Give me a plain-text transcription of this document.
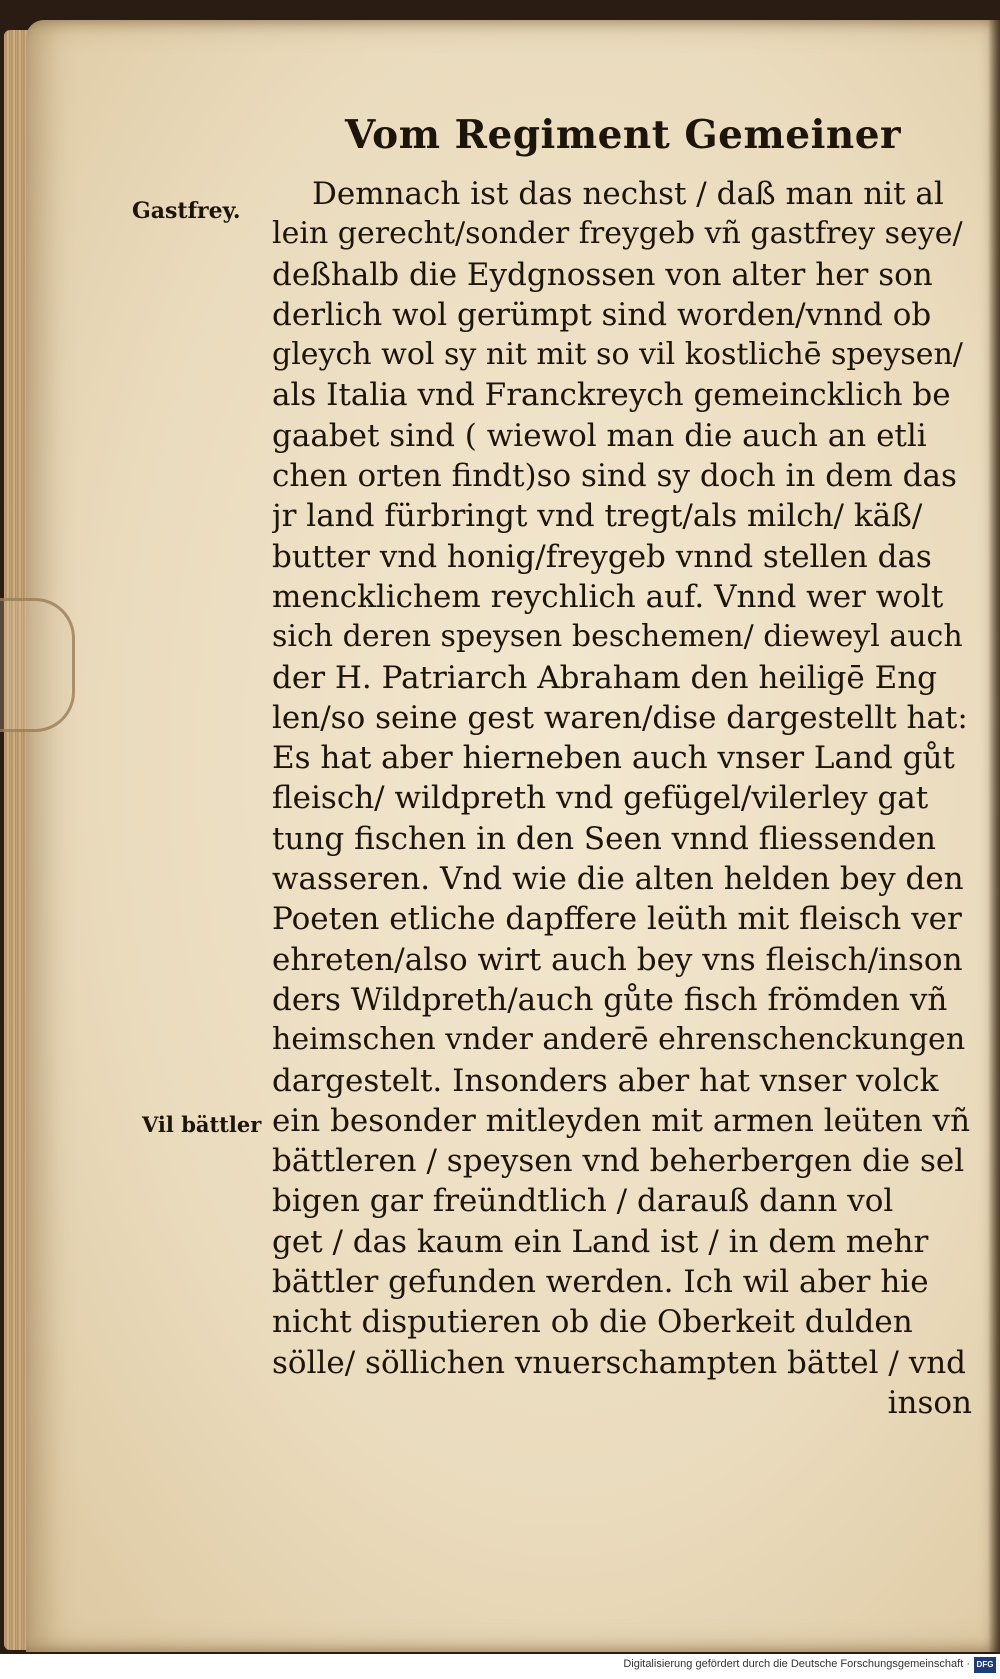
Vom Regiment Gemeiner
Gastfrey.
Vil bättler
Demnach ist das nechst / daß man nit al
lein gerecht/sonder freygeb vñ gastfrey seye/
deßhalb die Eydgnossen von alter her son
derlich wol gerümpt sind worden/vnnd ob
gleych wol sy nit mit so vil kostlichē speysen/
als Italia vnd Franckreych gemeincklich be
gaabet sind ( wiewol man die auch an etli
chen orten findt)so sind sy doch in dem das
jr land fürbringt vnd tregt/als milch/ käß/
butter vnd honig/freygeb vnnd stellen das
mencklichem reychlich auf. Vnnd wer wolt
sich deren speysen beschemen/ dieweyl auch
der H. Patriarch Abraham den heiligē Eng
len/so seine gest waren/dise dargestellt hat:
Es hat aber hierneben auch vnser Land gůt
fleisch/ wildpreth vnd gefügel/vilerley gat
tung fischen in den Seen vnnd fliessenden
wasseren. Vnd wie die alten helden bey den
Poeten etliche dapffere leüth mit fleisch ver
ehreten/also wirt auch bey vns fleisch/inson
ders Wildpreth/auch gůte fisch frömden vñ
heimschen vnder anderē ehrenschenckungen
dargestelt. Insonders aber hat vnser volck
ein besonder mitleyden mit armen leüten vñ
bättleren / speysen vnd beherbergen die sel
bigen gar freündtlich / darauß dann vol
get / das kaum ein Land ist / in dem mehr
bättler gefunden werden. Ich wil aber hie
nicht disputieren ob die Oberkeit dulden
sölle/ söllichen vnuerschampten bättel / vnd
inson
Digitalisierung gefördert durch die Deutsche Forschungsgemeinschaft · DFG
